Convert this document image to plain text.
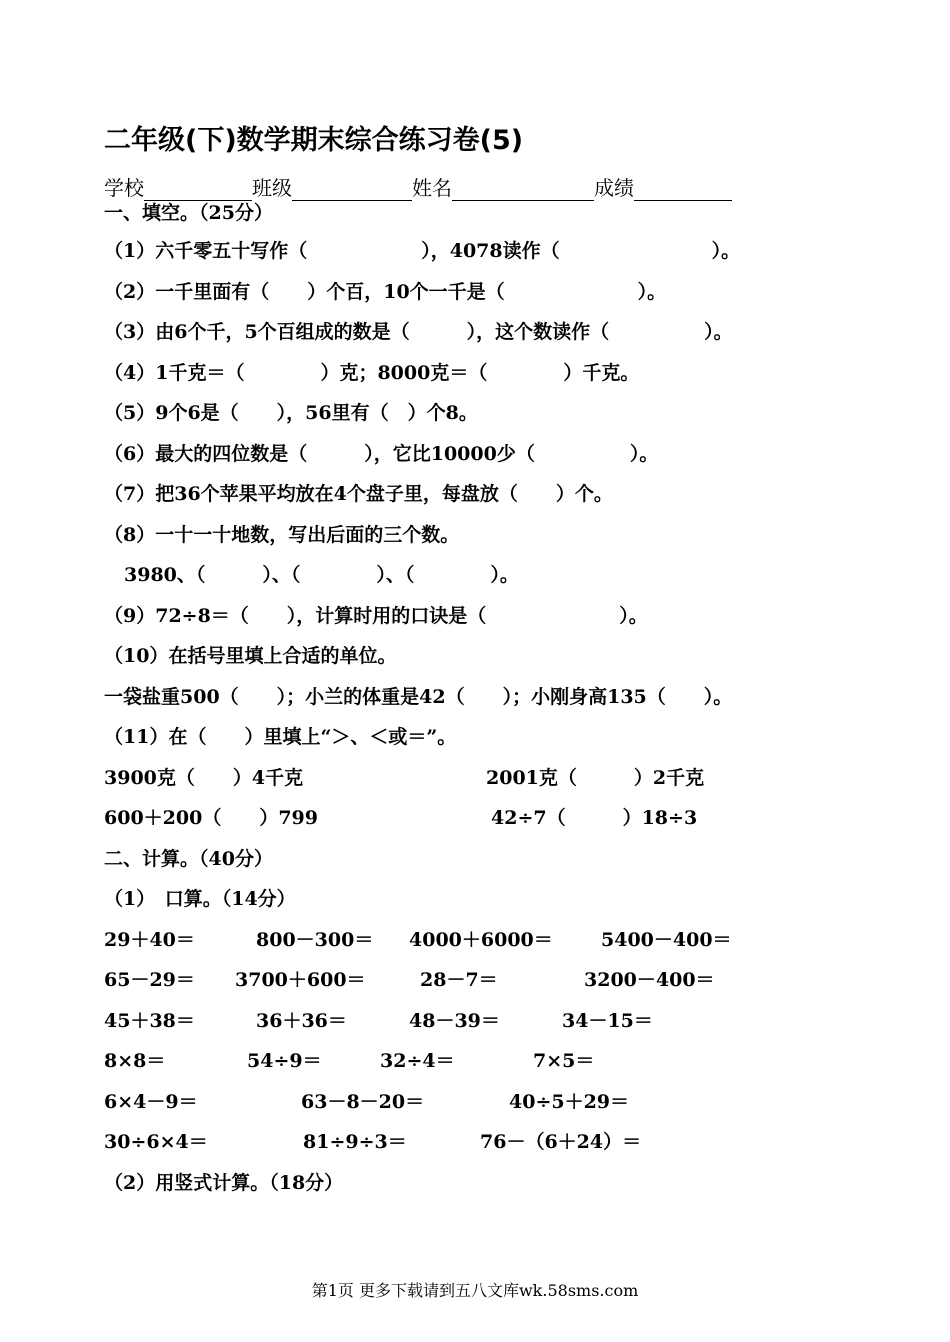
二年级(下)数学期末综合练习卷(5)
学校	班级	姓名	成绩
一、填空。（25分）
（1）六千零五十写作（　　　　　　），4078读作（　　　　　　　　）。
（2）一千里面有（　　）个百，10个一千是（　　　　　　　）。
（3）由6个千，5个百组成的数是（　　　），这个数读作（　　　　　）。
（4）1千克＝（　　　　）克；8000克＝（　　　　）千克。
（5）9个6是（　　），56里有（　）个8。
（6）最大的四位数是（　　　），它比10000少（　　　　　）。
（7）把36个苹果平均放在4个盘子里，每盘放（　　）个。
（8）一十一十地数，写出后面的三个数。
3980、（　　　）、（　　　　）、（　　　　）。
（9）72÷8＝（　　），计算时用的口诀是（　　　　　　　）。
（10）在括号里填上合适的单位。
一袋盐重500（　　）；小兰的体重是42（　　）；小刚身高135（　　）。
（11）在（　　）里填上“＞、＜或＝”。
3900克（　　）4千克	2001克（　　　）2千克
600＋200（　　）799	42÷7（　　　）18÷3
二、计算。（40分）
（1）　口算。（14分）
29＋40＝	800－300＝ 4000＋6000＝	5400－400＝
65－29＝ 3700＋600＝	28－7＝	3200－400＝
45＋38＝	36＋36＝	48－39＝	34－15＝
8×8＝	54÷9＝	32÷4＝	7×5＝
6×4－9＝	63－8－20＝	40÷5＋29＝
30÷6×4＝	81÷9÷3＝	76－（6＋24）＝
（2）用竖式计算。（18分）
第1页 更多下载请到五八文库wk.58sms.com
